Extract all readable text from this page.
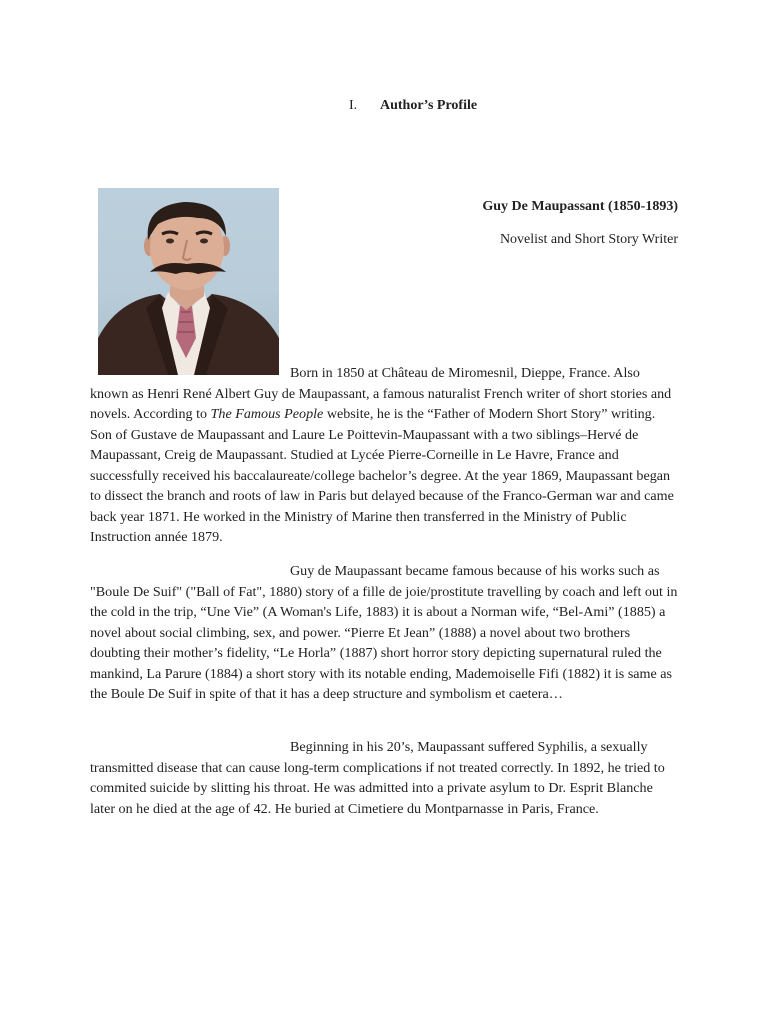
I. Author’s Profile
Guy De Maupassant (1850-1893)
Novelist and Short Story Writer

Born in 1850 at Château de Miromesnil, Dieppe, France. Also known as Henri René Albert Guy de Maupassant, a famous naturalist French writer of short stories and novels. According to The Famous People website, he is the “Father of Modern Short Story” writing. Son of Gustave de Maupassant and Laure Le Poittevin-Maupassant with a two siblings–Hervé de Maupassant, Creig de Maupassant. Studied at Lycée Pierre-Corneille in Le Havre, France and successfully received his baccalaureate/college bachelor’s degree. At the year 1869, Maupassant began to dissect the branch and roots of law in Paris but delayed because of the Franco-German war and came back year 1871. He worked in the Ministry of Marine then transferred in the Ministry of Public Instruction année 1879.

Guy de Maupassant became famous because of his works such as "Boule De Suif" ("Ball of Fat", 1880) story of a fille de joie/prostitute travelling by coach and left out in the cold in the trip, “Une Vie” (A Woman's Life, 1883) it is about a Norman wife, “Bel-Ami” (1885) a novel about social climbing, sex, and power. “Pierre Et Jean” (1888) a novel about two brothers doubting their mother’s fidelity, “Le Horla” (1887) short horror story depicting supernatural ruled the mankind, La Parure (1884) a short story with its notable ending, Mademoiselle Fifi (1882) it is same as the Boule De Suif in spite of that it has a deep structure and symbolism et caetera…

Beginning in his 20’s, Maupassant suffered Syphilis, a sexually transmitted disease that can cause long-term complications if not treated correctly. In 1892, he tried to commited suicide by slitting his throat. He was admitted into a private asylum to Dr. Esprit Blanche later on he died at the age of 42. He buried at Cimetiere du Montparnasse in Paris, France.
